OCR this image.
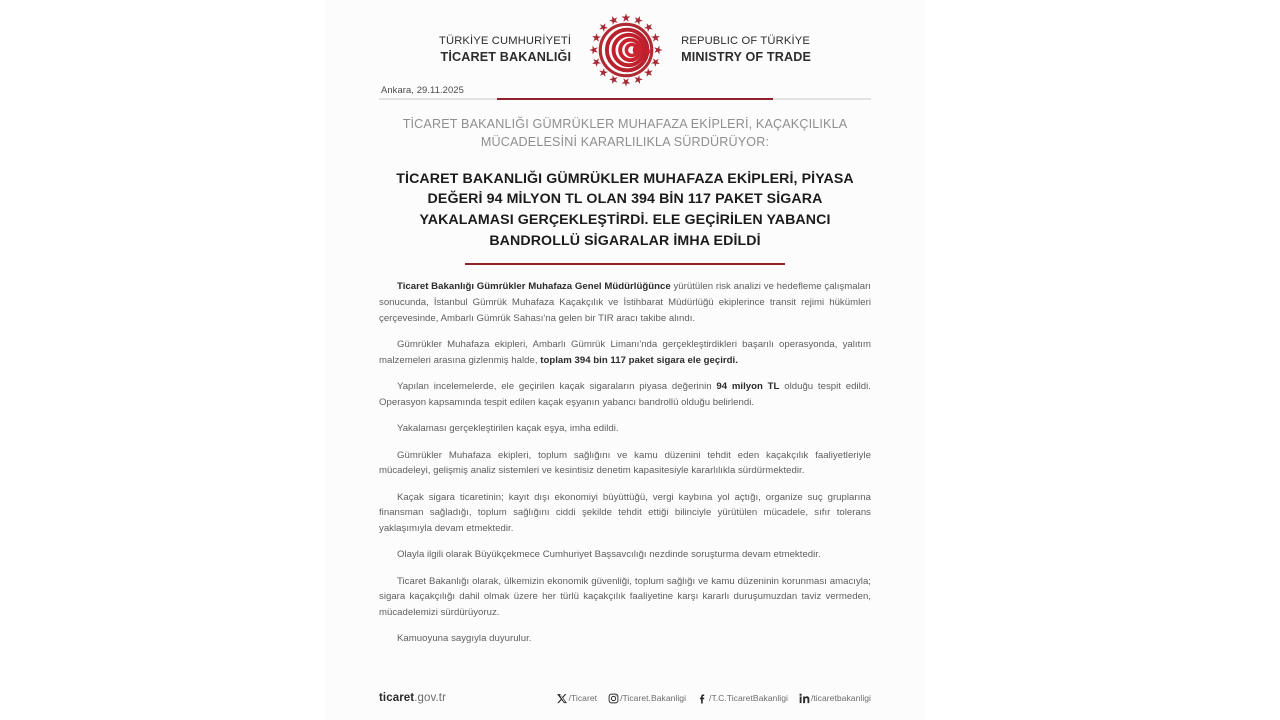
TÜRKİYE CUMHURİYETİ
TİCARET BAKANLIĞI
REPUBLIC OF TÜRKİYE
MINISTRY OF TRADE
Ankara, 29.11.2025
TİCARET BAKANLIĞI GÜMRÜKLER MUHAFAZA EKİPLERİ, KAÇAKÇILIKLA MÜCADELESİNİ KARARLILIKLA SÜRDÜRÜYOR:
TİCARET BAKANLIĞI GÜMRÜKLER MUHAFAZA EKİPLERİ, PİYASA DEĞERİ 94 MİLYON TL OLAN 394 BİN 117 PAKET SİGARA YAKALAMASI GERÇEKLEŞTİRDİ. ELE GEÇİRİLEN YABANCI BANDROLLÜ SİGARALAR İMHA EDİLDİ

Ticaret Bakanlığı Gümrükler Muhafaza Genel Müdürlüğünce yürütülen risk analizi ve hedefleme çalışmaları sonucunda, İstanbul Gümrük Muhafaza Kaçakçılık ve İstihbarat Müdürlüğü ekiplerince transit rejimi hükümleri çerçevesinde, Ambarlı Gümrük Sahası'na gelen bir TIR aracı takibe alındı.

Gümrükler Muhafaza ekipleri, Ambarlı Gümrük Limanı'nda gerçekleştirdikleri başarılı operasyonda, yalıtım malzemeleri arasına gizlenmiş halde, toplam 394 bin 117 paket sigara ele geçirdi.

Yapılan incelemelerde, ele geçirilen kaçak sigaraların piyasa değerinin 94 milyon TL olduğu tespit edildi. Operasyon kapsamında tespit edilen kaçak eşyanın yabancı bandrollü olduğu belirlendi.

Yakalaması gerçekleştirilen kaçak eşya, imha edildi.

Gümrükler Muhafaza ekipleri, toplum sağlığını ve kamu düzenini tehdit eden kaçakçılık faaliyetleriyle mücadeleyi, gelişmiş analiz sistemleri ve kesintisiz denetim kapasitesiyle kararlılıkla sürdürmektedir.

Kaçak sigara ticaretinin; kayıt dışı ekonomiyi büyüttüğü, vergi kaybına yol açtığı, organize suç gruplarına finansman sağladığı, toplum sağlığını ciddi şekilde tehdit ettiği bilinciyle yürütülen mücadele, sıfır tolerans yaklaşımıyla devam etmektedir.

Olayla ilgili olarak Büyükçekmece Cumhuriyet Başsavcılığı nezdinde soruşturma devam etmektedir.

Ticaret Bakanlığı olarak, ülkemizin ekonomik güvenliği, toplum sağlığı ve kamu düzeninin korunması amacıyla; sigara kaçakçılığı dahil olmak üzere her türlü kaçakçılık faaliyetine karşı kararlı duruşumuzdan taviz vermeden, mücadelemizi sürdürüyoruz.

Kamuoyuna saygıyla duyurulur.

ticaret.gov.tr	/Ticaret	/Ticaret.Bakanligi	/T.C.TicaretBakanligi	/ticaretbakanligi
